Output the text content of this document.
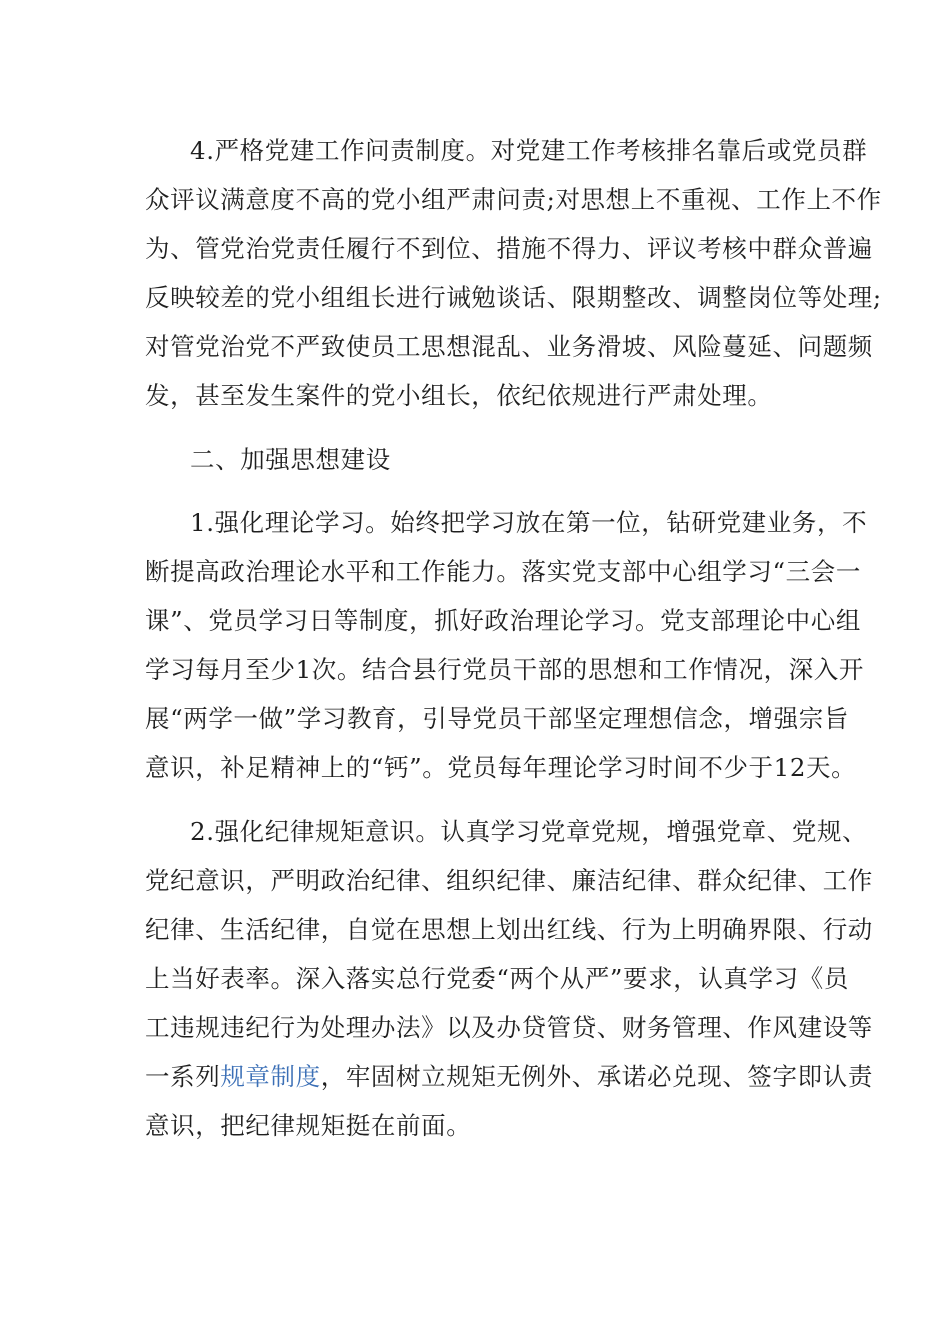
4.严格党建工作问责制度。对党建工作考核排名靠后或党员群
众评议满意度不高的党小组严肃问责;对思想上不重视、工作上不作
为、管党治党责任履行不到位、措施不得力、评议考核中群众普遍
反映较差的党小组组长进行诫勉谈话、限期整改、调整岗位等处理;
对管党治党不严致使员工思想混乱、业务滑坡、风险蔓延、问题频
发，甚至发生案件的党小组长，依纪依规进行严肃处理。
二、加强思想建设
1.强化理论学习。始终把学习放在第一位，钻研党建业务，不
断提高政治理论水平和工作能力。落实党支部中心组学习“三会一
课”、党员学习日等制度，抓好政治理论学习。党支部理论中心组
学习每月至少1次。结合县行党员干部的思想和工作情况，深入开
展“两学一做”学习教育，引导党员干部坚定理想信念，增强宗旨
意识，补足精神上的“钙”。党员每年理论学习时间不少于12天。
2.强化纪律规矩意识。认真学习党章党规，增强党章、党规、
党纪意识，严明政治纪律、组织纪律、廉洁纪律、群众纪律、工作
纪律、生活纪律，自觉在思想上划出红线、行为上明确界限、行动
上当好表率。深入落实总行党委“两个从严”要求，认真学习《员
工违规违纪行为处理办法》以及办贷管贷、财务管理、作风建设等
一系列规章制度，牢固树立规矩无例外、承诺必兑现、签字即认责
意识，把纪律规矩挺在前面。
